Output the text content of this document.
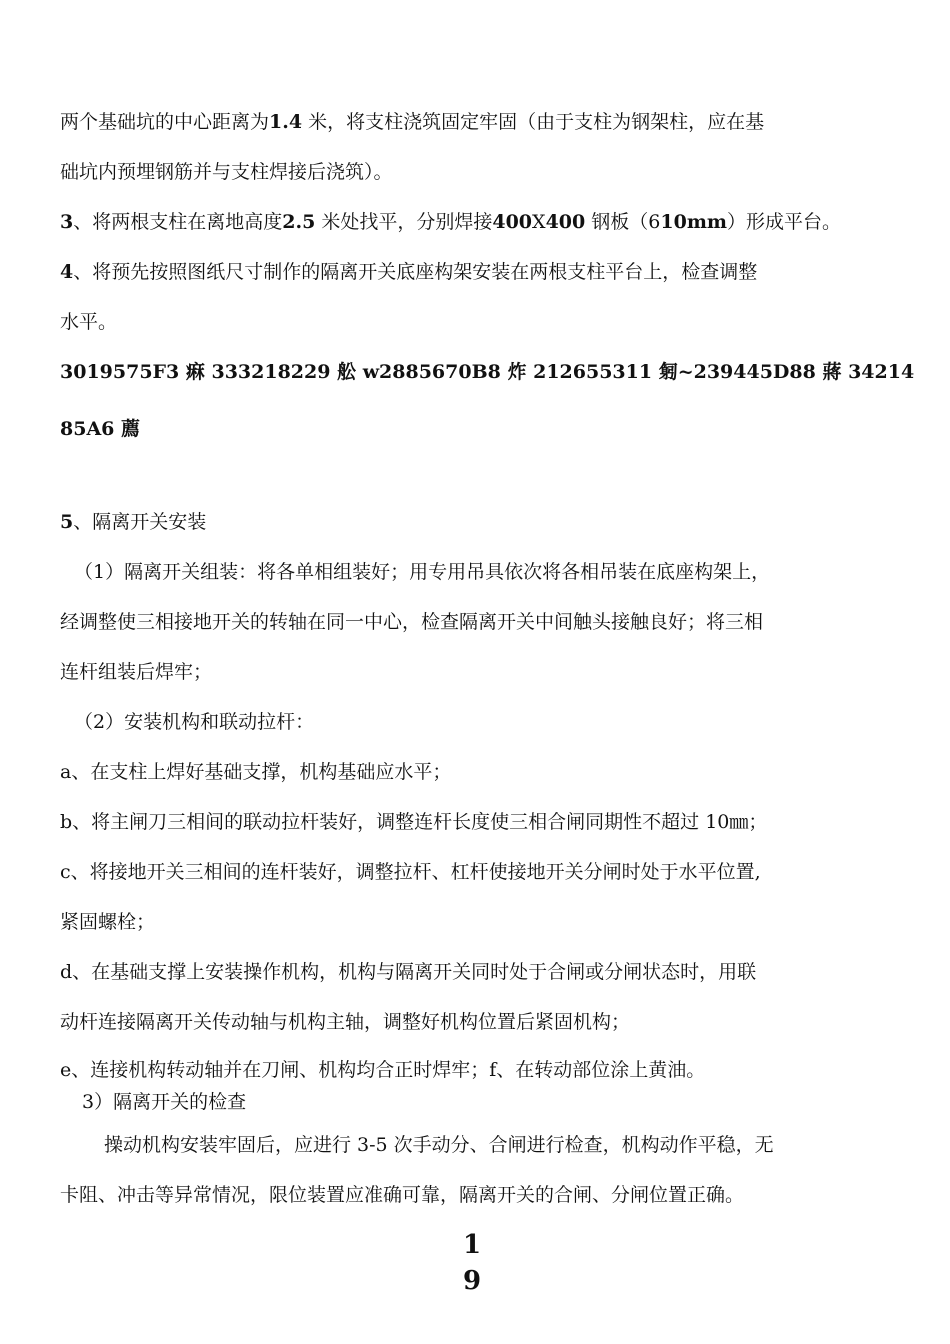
两个基础坑的中心距离为1.4 米，将支柱浇筑固定牢固（由于支柱为钢架柱，应在基
础坑内预埋钢筋并与支柱焊接后浇筑）。
3、将两根支柱在离地高度2.5 米处找平，分别焊接400X400 钢板（610mm）形成平台。
4、将预先按照图纸尺寸制作的隔离开关底座构架安装在两根支柱平台上，检查调整
水平。
3019575F3 痳 333218229 舩 w2885670B8 炸 212655311 匑~239445D88 蔣 34214
85A6 薦
5、隔离开关安装
（1）隔离开关组装：将各单相组装好；用专用吊具依次将各相吊装在底座构架上，
经调整使三相接地开关的转轴在同一中心，检查隔离开关中间触头接触良好；将三相
连杆组装后焊牢；
（2）安装机构和联动拉杆：
a、在支柱上焊好基础支撑，机构基础应水平；
b、将主闸刀三相间的联动拉杆装好，调整连杆长度使三相合闸同期性不超过 10㎜；
c、将接地开关三相间的连杆装好，调整拉杆、杠杆使接地开关分闸时处于水平位置,
紧固螺栓；
d、在基础支撑上安装操作机构，机构与隔离开关同时处于合闸或分闸状态时，用联
动杆连接隔离开关传动轴与机构主轴，调整好机构位置后紧固机构；
e、连接机构转动轴并在刀闸、机构均合正时焊牢；f、在转动部位涂上黄油。
3）隔离开关的检查
操动机构安装牢固后，应进行 3-5 次手动分、合闸进行检查，机构动作平稳，无
卡阻、冲击等异常情况，限位装置应准确可靠，隔离开关的合闸、分闸位置正确。
1
9
